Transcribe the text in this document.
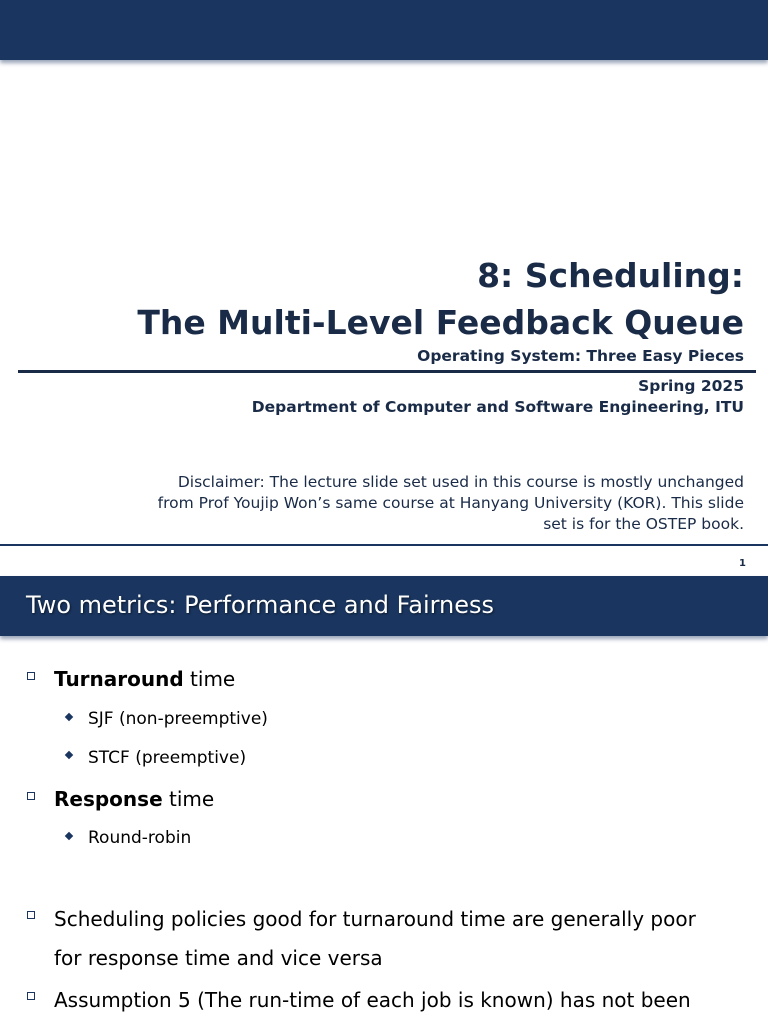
8: Scheduling:
The Multi-Level Feedback Queue
Operating System: Three Easy Pieces
Spring 2025
Department of Computer and Software Engineering, ITU
Disclaimer: The lecture slide set used in this course is mostly unchanged
from Prof Youjip Won’s same course at Hanyang University (KOR). This slide
set is for the OSTEP book.
1
Two metrics: Performance and Fairness
Turnaround time
SJF (non-preemptive)
STCF (preemptive)
Response time
Round-robin
Scheduling policies good for turnaround time are generally poor
for response time and vice versa
Assumption 5 (The run-time of each job is known) has not been
